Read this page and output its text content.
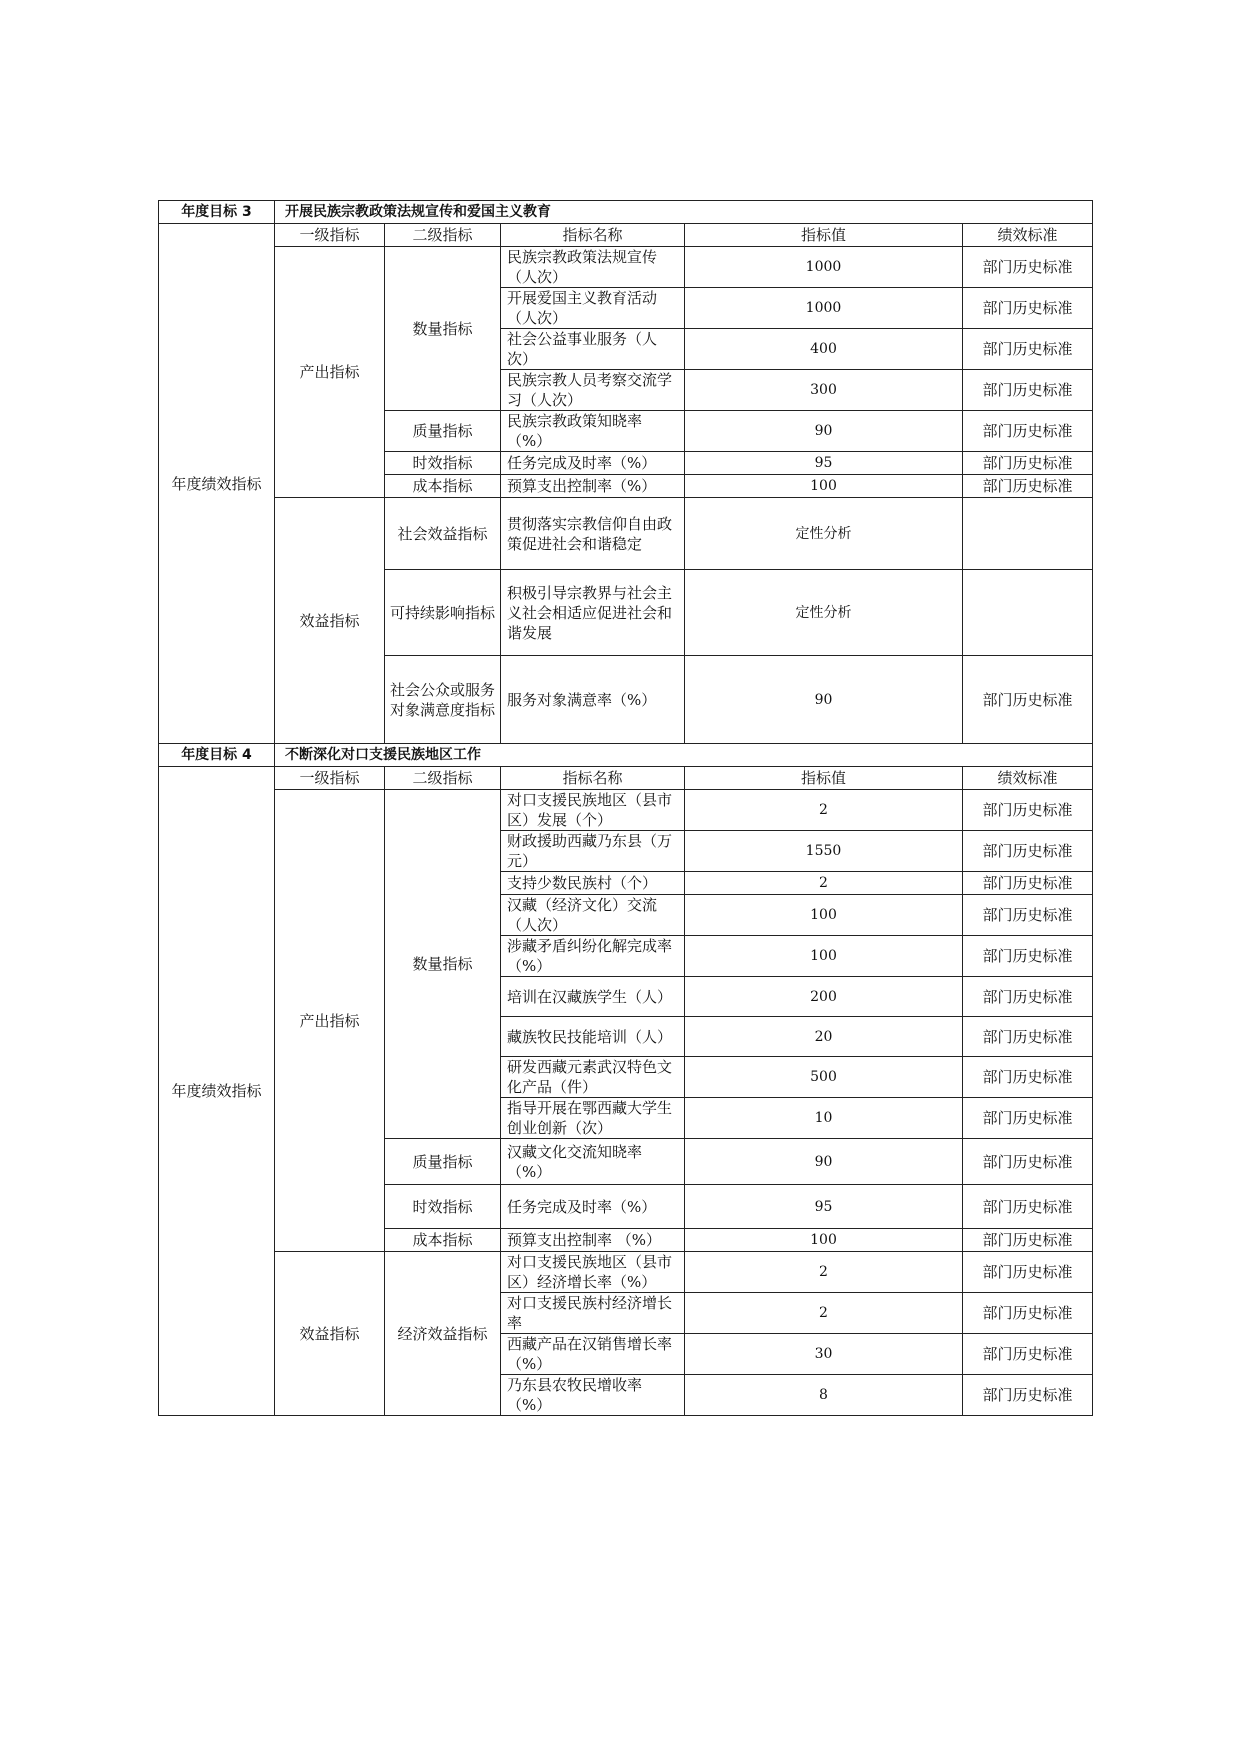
年度目标 3	开展民族宗教政策法规宣传和爱国主义教育				
年度绩效指标	一级指标	二级指标	指标名称	指标值	绩效标准
	产出指标	数量指标	民族宗教政策法规宣传（人次）	1000	部门历史标准
			开展爱国主义教育活动（人次）	1000	部门历史标准
			社会公益事业服务（人次）	400	部门历史标准
			民族宗教人员考察交流学习（人次）	300	部门历史标准
		质量指标	民族宗教政策知晓率（%）	90	部门历史标准
		时效指标	任务完成及时率（%）	95	部门历史标准
		成本指标	预算支出控制率（%）	100	部门历史标准
	效益指标	社会效益指标	贯彻落实宗教信仰自由政策促进社会和谐稳定	定性分析	
		可持续影响指标	积极引导宗教界与社会主义社会相适应促进社会和谐发展	定性分析	
		社会公众或服务对象满意度指标	服务对象满意率（%）	90	部门历史标准
年度目标 4	不断深化对口支援民族地区工作				
年度绩效指标	一级指标	二级指标	指标名称	指标值	绩效标准
	产出指标	数量指标	对口支援民族地区（县市区）发展（个）	2	部门历史标准
			财政援助西藏乃东县（万元）	1550	部门历史标准
			支持少数民族村（个）	2	部门历史标准
			汉藏（经济文化）交流（人次）	100	部门历史标准
			涉藏矛盾纠纷化解完成率（%）	100	部门历史标准
			培训在汉藏族学生（人）	200	部门历史标准
			藏族牧民技能培训（人）	20	部门历史标准
			研发西藏元素武汉特色文化产品（件）	500	部门历史标准
			指导开展在鄂西藏大学生创业创新（次）	10	部门历史标准
		质量指标	汉藏文化交流知晓率（%）	90	部门历史标准
		时效指标	任务完成及时率（%）	95	部门历史标准
		成本指标	预算支出控制率 （%）	100	部门历史标准
	效益指标	经济效益指标	对口支援民族地区（县市区）经济增长率（%）	2	部门历史标准
			对口支援民族村经济增长率	2	部门历史标准
			西藏产品在汉销售增长率（%）	30	部门历史标准
			乃东县农牧民增收率（%）	8	部门历史标准
